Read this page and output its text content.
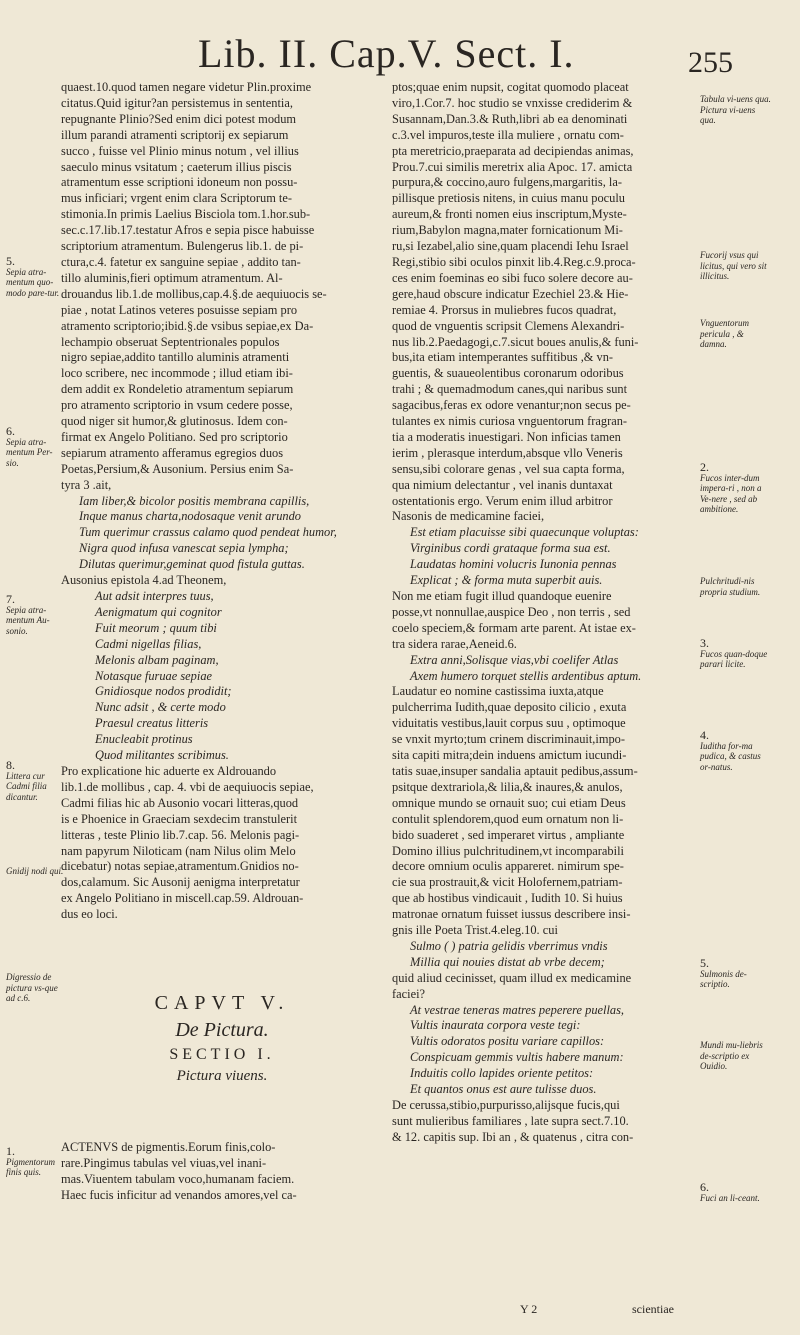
Lib. II. Cap.V. Sect. I.	255
quaest.10.quod tamen negare videtur Plin.proxime
citatus.Quid igitur?an persistemus in sententia,
repugnante Plinio?Sed enim dici potest modum
illum parandi atramenti scriptorij ex sepiarum
succo , fuisse vel Plinio minus notum , vel illius
saeculo minus vsitatum ; caeterum illius piscis
atramentum esse scriptioni idoneum non possu-
mus inficiari; vrgent enim clara Scriptorum te-
stimonia.In primis Laelius Bisciola tom.1.hor.sub-
sec.c.17.lib.17.testatur Afros e sepia pisce habuisse
scriptorium atramentum. Bulengerus lib.1. de pi-
ctura,c.4. fatetur ex sanguine sepiae , addito tan-
tillo aluminis,fieri optimum atramentum. Al-
drouandus lib.1.de mollibus,cap.4.§.de aequiuocis se-
piae , notat Latinos veteres posuisse sepiam pro
atramento scriptorio;ibid.§.de vsibus sepiae,ex Da-
lechampio obseruat Septentrionales populos
nigro sepiae,addito tantillo aluminis atramenti
loco scribere, nec incommode ; illud etiam ibi-
dem addit ex Rondeletio atramentum sepiarum
pro atramento scriptorio in vsum cedere posse,
quod niger sit humor,& glutinosus. Idem con-
firmat ex Angelo Politiano. Sed pro scriptorio
sepiarum atramento afferamus egregios duos
Poetas,Persium,& Ausonium. Persius enim Sa-
tyra 3 .ait,
Iam liber,& bicolor positis membrana capillis,
Inque manus charta,nodosaque venit arundo
Tum querimur crassus calamo quod pendeat humor,
Nigra quod infusa vanescat sepia lympha;
Dilutas querimur,geminat quod fistula guttas.
Ausonius epistola 4.ad Theonem,
Aut adsit interpres tuus,
Aenigmatum qui cognitor
Fuit meorum ; quum tibi
Cadmi nigellas filias,
Melonis albam paginam,
Notasque furuae sepiae
Gnidiosque nodos prodidit;
Nunc adsit , & certe modo
Praesul creatus litteris
Enucleabit protinus
Quod militantes scribimus.
Pro explicatione hic aduerte ex Aldrouando
lib.1.de mollibus , cap. 4. vbi de aequiuocis sepiae,
Cadmi filias hic ab Ausonio vocari litteras,quod
is e Phoenice in Graeciam sexdecim transtulerit
litteras , teste Plinio lib.7.cap. 56. Melonis pagi-
nam papyrum Niloticam (nam Nilus olim Melo
dicebatur) notas sepiae,atramentum.Gnidios no-
dos,calamum. Sic Ausonij aenigma interpretatur
ex Angelo Politiano in miscell.cap.59. Aldrouan-
dus eo loci.

CAPVT V.

De Pictura.

SECTIO I.

Pictura viuens.

ACTENVS de pigmentis.Eorum finis,colo-
rare.Pingimus tabulas vel viuas,vel inani-
mas.Viuentem tabulam voco,humanam faciem.
Haec fucis inficitur ad venandos amores,vel ca-
ptos;quae enim nupsit, cogitat quomodo placeat
viro,1.Cor.7. hoc studio se vnxisse crediderim &
Susannam,Dan.3.& Ruth,libri ab ea denominati
c.3.vel impuros,teste illa muliere , ornatu com-
pta meretricio,praeparata ad decipiendas animas,
Prou.7.cui similis meretrix alia Apoc. 17. amicta
purpura,& coccino,auro fulgens,margaritis, la-
pillisque pretiosis nitens, in cuius manu poculu
aureum,& fronti nomen eius inscriptum,Myste-
rium,Babylon magna,mater fornicationum Mi-
ru,si Iezabel,alio sine,quam placendi Iehu Israel
Regi,stibio sibi oculos pinxit lib.4.Reg.c.9.proca-
ces enim foeminas eo sibi fuco solere decore au-
gere,haud obscure indicatur Ezechiel 23.& Hie-
remiae 4. Prorsus in muliebres fucos quadrat,
quod de vnguentis scripsit Clemens Alexandri-
nus lib.2.Paedagogi,c.7.sicut boues anulis,& funi-
bus,ita etiam intemperantes suffitibus ,& vn-
guentis, & suaueolentibus coronarum odoribus
trahi ; & quemadmodum canes,qui naribus sunt
sagacibus,feras ex odore venantur;non secus pe-
tulantes ex nimis curiosa vnguentorum fragran-
tia a moderatis inuestigari. Non inficias tamen
ierim , plerasque interdum,absque vllo Veneris
sensu,sibi colorare genas , vel sua capta forma,
qua nimium delectantur , vel inanis duntaxat
ostentationis ergo. Verum enim illud arbitror
Nasonis de medicamine faciei,
Est etiam placuisse sibi quaecunque voluptas:
Virginibus cordi grataque forma sua est.
Laudatas homini volucris Iunonia pennas
Explicat ; & forma muta superbit auis.
Non me etiam fugit illud quandoque euenire
posse,vt nonnullae,auspice Deo , non terris , sed
coelo speciem,& formam arte parent. At istae ex-
tra sidera rarae,Aeneid.6.
Extra anni,Solisque vias,vbi coelifer Atlas
Axem humero torquet stellis ardentibus aptum.
Laudatur eo nomine castissima iuxta,atque
pulcherrima Iudith,quae deposito cilicio , exuta
viduitatis vestibus,lauit corpus suu , optimoque
se vnxit myrto;tum crinem discriminauit,impo-
sita capiti mitra;dein induens amictum iucundi-
tatis suae,insuper sandalia aptauit pedibus,assum-
psitque dextrariola,& lilia,& inaures,& anulos,
omnique mundo se ornauit suo; cui etiam Deus
contulit splendorem,quod eum ornatum non li-
bido suaderet , sed imperaret virtus , ampliante
Domino illius pulchritudinem,vt incomparabili
decore omnium oculis appareret. nimirum spe-
cie sua prostrauit,& vicit Holofernem,patriam-
que ab hostibus vindicauit , Iudith 10. Si huius
matronae ornatum fuisset iussus describere insi-
gnis ille Poeta Trist.4.eleg.10. cui
Sulmo ( ) patria gelidis vberrimus vndis
Millia qui nouies distat ab vrbe decem;
quid aliud cecinisset, quam illud ex medicamine
faciei?
At vestrae teneras matres peperere puellas,
Vultis inaurata corpora veste tegi:
Vultis odoratos positu variare capillos:
Conspicuam gemmis vultis habere manum:
Induitis collo lapides oriente petitos:
Et quantos onus est aure tulisse duos.
De cerussa,stibio,purpurisso,alijsque fucis,qui
sunt mulieribus familiares , late supra sect.7.10.
& 12. capitis sup. Ibi an , & quatenus , citra con-
Y 2	scientiae
5.
Sepia atra-mentum quo-modo pare-tur.
6.
Sepia atra-mentum Per-sio.
7.
Sepia atra-mentum Au-sonio.
8.
Littera cur Cadmi filia dicantur.
Gnidij nodi qui.
Digressio de pictura vs-que ad c.6.
1.
Pigmentorum finis quis.
Tabula vi-uens qua. Pictura vi-uens qua.
Fucorij vsus qui licitus, qui vero sit illicitus.
Vnguentorum pericula , & damna.
2.
Fucos inter-dum impera-ri , non a Ve-nere , sed ab ambitione.
Pulchritudi-nis propria studium.
3.
Fucos quan-doque parari licite.
4.
Iuditha for-ma pudica, & castus or-natus.
5.
Sulmonis de-scriptio.
Mundi mu-liebris de-scriptio ex Ouidio.
6.
Fuci an li-ceant.
